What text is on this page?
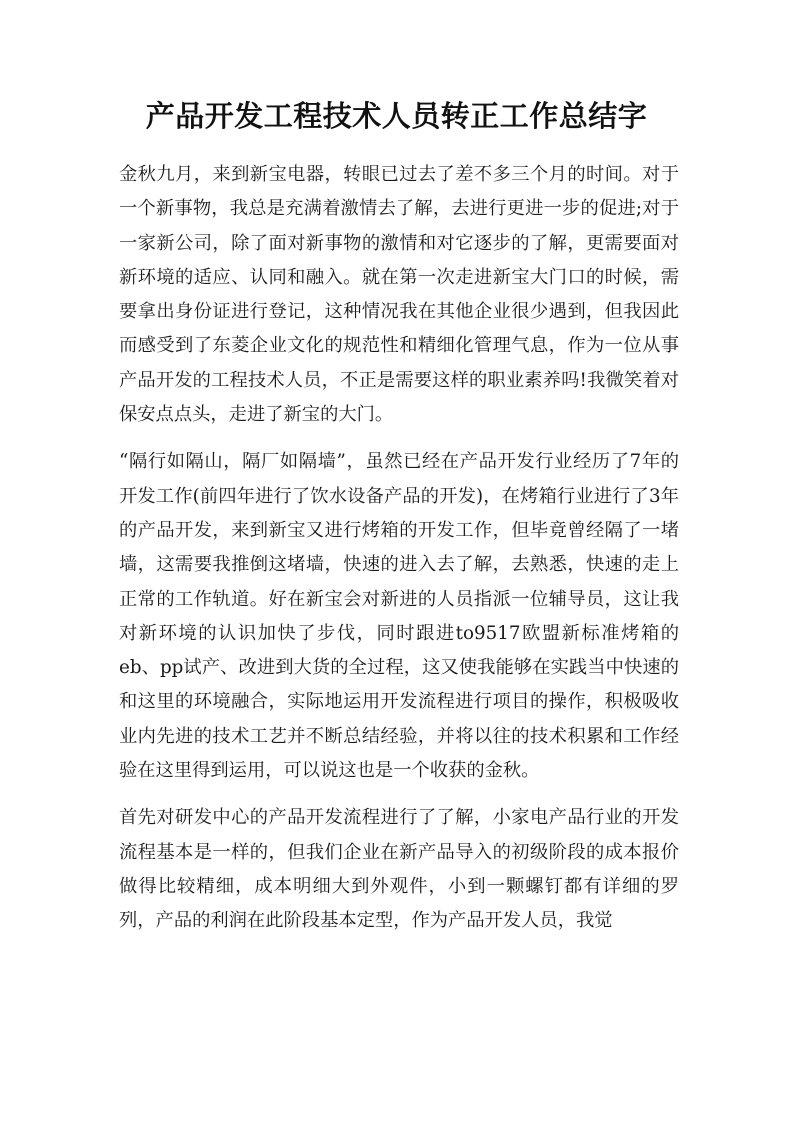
产品开发工程技术人员转正工作总结字

金秋九月，来到新宝电器，转眼已过去了差不多三个月的时间。对于一个新事物，我总是充满着激情去了解，去进行更进一步的促进;对于一家新公司，除了面对新事物的激情和对它逐步的了解，更需要面对新环境的适应、认同和融入。就在第一次走进新宝大门口的时候，需要拿出身份证进行登记，这种情况我在其他企业很少遇到，但我因此而感受到了东菱企业文化的规范性和精细化管理气息，作为一位从事产品开发的工程技术人员，不正是需要这样的职业素养吗!我微笑着对保安点点头，走进了新宝的大门。

“隔行如隔山，隔厂如隔墙”，虽然已经在产品开发行业经历了7年的开发工作(前四年进行了饮水设备产品的开发)，在烤箱行业进行了3年的产品开发，来到新宝又进行烤箱的开发工作，但毕竟曾经隔了一堵墙，这需要我推倒这堵墙，快速的进入去了解，去熟悉，快速的走上正常的工作轨道。好在新宝会对新进的人员指派一位辅导员，这让我对新环境的认识加快了步伐，同时跟进to9517欧盟新标准烤箱的eb、pp试产、改进到大货的全过程，这又使我能够在实践当中快速的和这里的环境融合，实际地运用开发流程进行项目的操作，积极吸收业内先进的技术工艺并不断总结经验，并将以往的技术积累和工作经验在这里得到运用，可以说这也是一个收获的金秋。

首先对研发中心的产品开发流程进行了了解，小家电产品行业的开发流程基本是一样的，但我们企业在新产品导入的初级阶段的成本报价做得比较精细，成本明细大到外观件，小到一颗螺钉都有详细的罗列，产品的利润在此阶段基本定型，作为产品开发人员，我觉
